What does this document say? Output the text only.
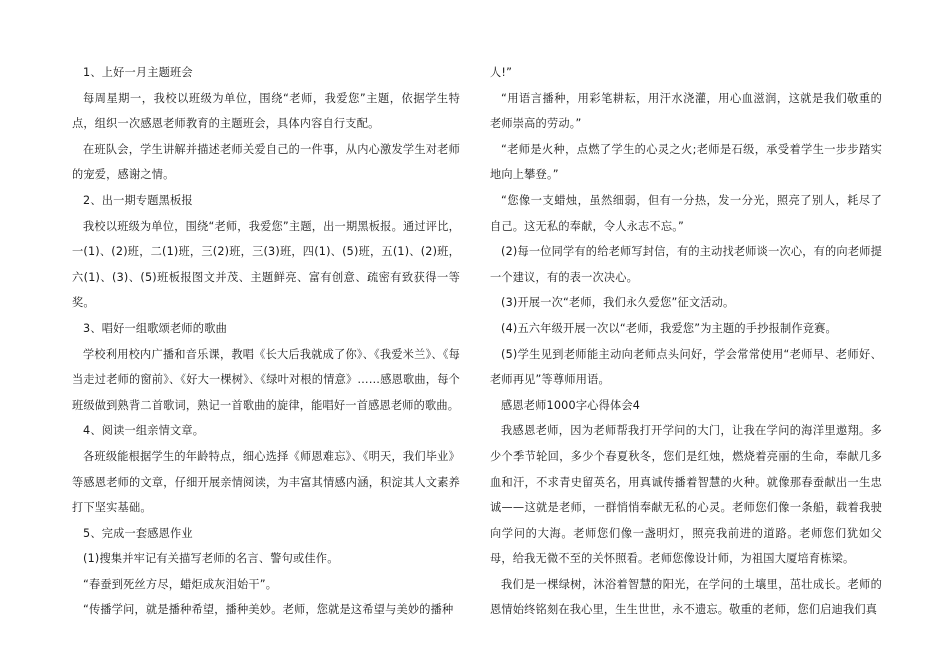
1、上好一月主题班会

每周星期一，我校以班级为单位，围绕“老师，我爱您”主题，依据学生特点，组织一次感恩老师教育的主题班会，具体内容自行支配。

在班队会，学生讲解并描述老师关爱自己的一件事，从内心激发学生对老师的宠爱，感谢之情。

2、出一期专题黑板报

我校以班级为单位，围绕“老师，我爱您”主题，出一期黑板报。通过评比，一(1)、(2)班，二(1)班，三(2)班，三(3)班，四(1)、(5)班，五(1)、(2)班，六(1)、(3)、(5)班板报图文并茂、主题鲜亮、富有创意、疏密有致获得一等奖。

3、唱好一组歌颂老师的歌曲

学校利用校内广播和音乐课，教唱《长大后我就成了你》、《我爱米兰》、《每当走过老师的窗前》、《好大一棵树》、《绿叶对根的情意》……感恩歌曲，每个班级做到熟背二首歌词，熟记一首歌曲的旋律，能唱好一首感恩老师的歌曲。

4、阅读一组亲情文章。

各班级能根据学生的年龄特点，细心选择《师恩难忘》、《明天，我们毕业》等感恩老师的文章，仔细开展亲情阅读，为丰富其情感内涵，积淀其人文素养打下坚实基础。

5、完成一套感恩作业

(1)搜集并牢记有关描写老师的名言、警句或佳作。

“春蚕到死丝方尽，蜡炬成灰泪始干”。

“传播学问，就是播种希望，播种美妙。老师，您就是这希望与美妙的播种

人!”

“用语言播种，用彩笔耕耘，用汗水浇灌，用心血滋润，这就是我们敬重的老师崇高的劳动。”

“老师是火种，点燃了学生的心灵之火;老师是石级，承受着学生一步步踏实地向上攀登。”

“您像一支蜡烛，虽然细弱，但有一分热，发一分光，照亮了别人，耗尽了自己。这无私的奉献，令人永志不忘。”

(2)每一位同学有的给老师写封信，有的主动找老师谈一次心，有的向老师提一个建议，有的表一次决心。

(3)开展一次“老师，我们永久爱您”征文活动。

(4)五六年级开展一次以“老师，我爱您”为主题的手抄报制作竞赛。

(5)学生见到老师能主动向老师点头问好，学会常常使用“老师早、老师好、老师再见”等尊师用语。

感恩老师1000字心得体会4

我感恩老师，因为老师帮我打开学问的大门，让我在学问的海洋里遨翔。多少个季节轮回，多少个春夏秋冬，您们是红烛，燃烧着亮丽的生命，奉献几多血和汗，不求青史留英名，用真诚传播着智慧的火种。就像那春蚕献出一生忠诚——这就是老师，一群悄悄奉献无私的心灵。老师您们像一条船，载着我驶向学问的大海。老师您们像一盏明灯，照亮我前进的道路。老师您们犹如父母，给我无微不至的关怀照看。老师您像设计师，为祖国大厦培育栋梁。

我们是一棵绿树，沐浴着智慧的阳光，在学问的土壤里，茁壮成长。老师的恩情始终铭刻在我心里，生生世世，永不遗忘。敬重的老师，您们启迪我们真
